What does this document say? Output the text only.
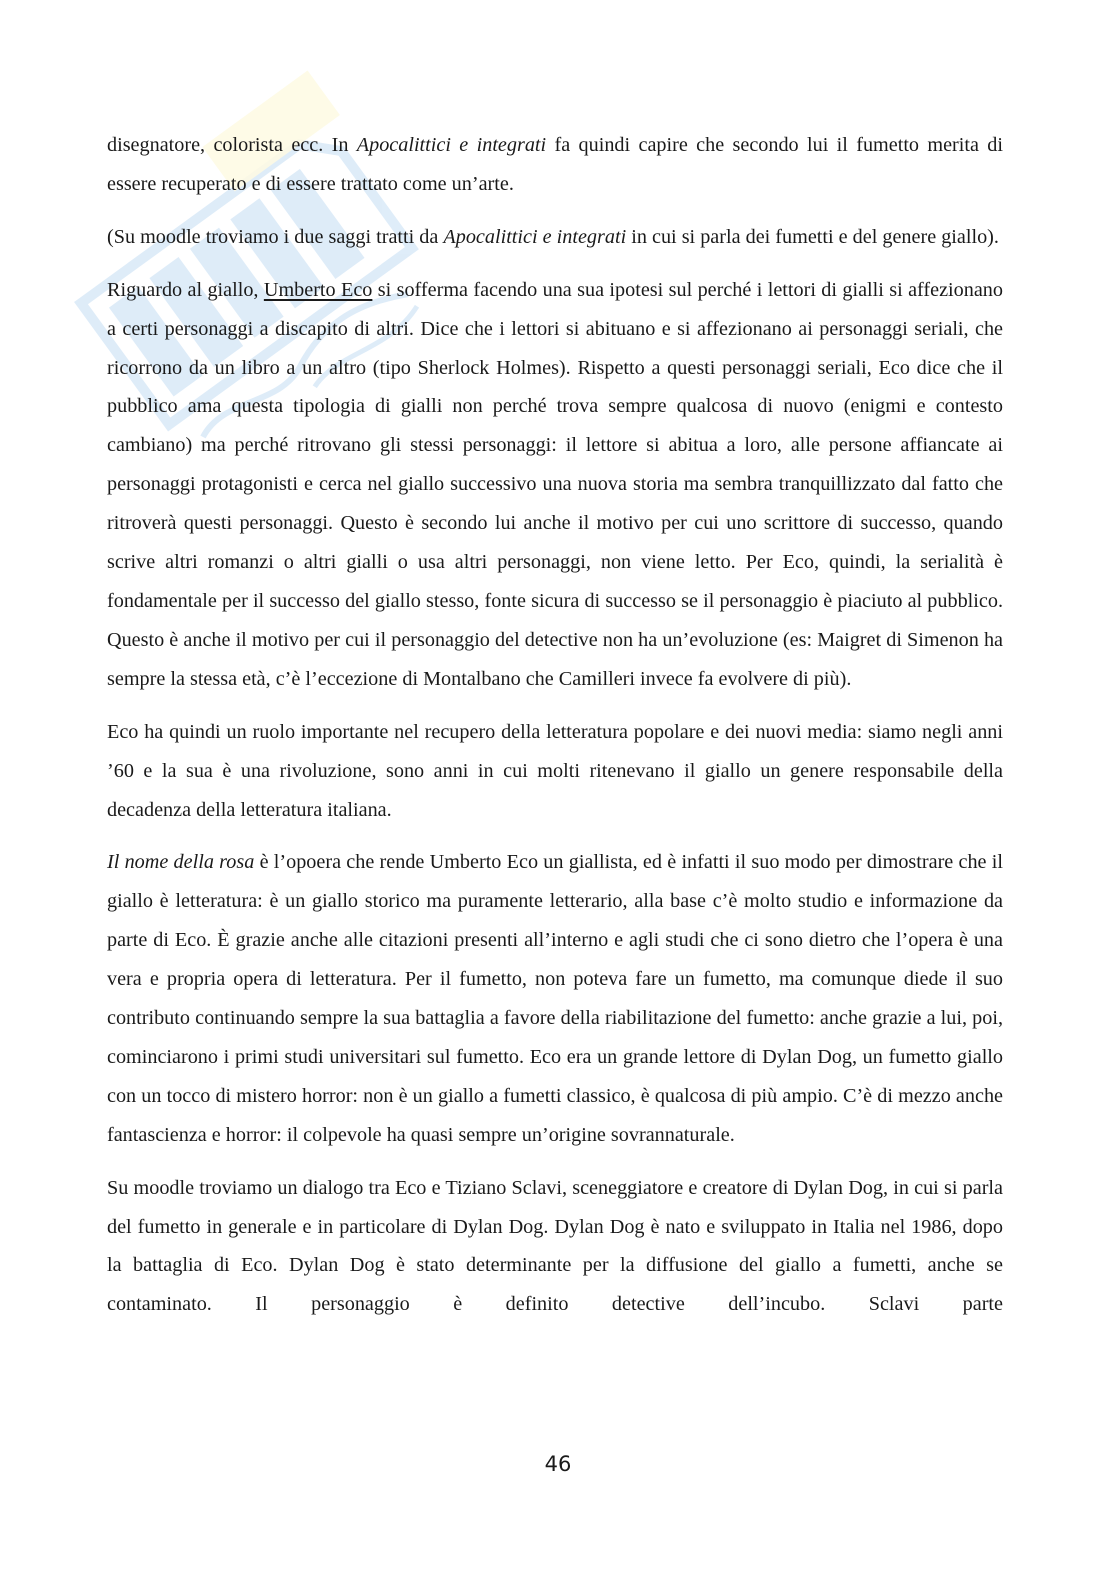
disegnatore, colorista ecc. In Apocalittici e integrati fa quindi capire che secondo lui il fumetto merita di essere recuperato e di essere trattato come un’arte.

(Su moodle troviamo i due saggi tratti da Apocalittici e integrati in cui si parla dei fumetti e del genere giallo).

Riguardo al giallo, Umberto Eco si sofferma facendo una sua ipotesi sul perché i lettori di gialli si affezionano a certi personaggi a discapito di altri. Dice che i lettori si abituano e si affezionano ai personaggi seriali, che ricorrono da un libro a un altro (tipo Sherlock Holmes). Rispetto a questi personaggi seriali, Eco dice che il pubblico ama questa tipologia di gialli non perché trova sempre qualcosa di nuovo (enigmi e contesto cambiano) ma perché ritrovano gli stessi personaggi: il lettore si abitua a loro, alle persone affiancate ai personaggi protagonisti e cerca nel giallo successivo una nuova storia ma sembra tranquillizzato dal fatto che ritroverà questi personaggi. Questo è secondo lui anche il motivo per cui uno scrittore di successo, quando scrive altri romanzi o altri gialli o usa altri personaggi, non viene letto. Per Eco, quindi, la serialità è fondamentale per il successo del giallo stesso, fonte sicura di successo se il personaggio è piaciuto al pubblico. Questo è anche il motivo per cui il personaggio del detective non ha un’evoluzione (es: Maigret di Simenon ha sempre la stessa età, c’è l’eccezione di Montalbano che Camilleri invece fa evolvere di più).

Eco ha quindi un ruolo importante nel recupero della letteratura popolare e dei nuovi media: siamo negli anni ’60 e la sua è una rivoluzione, sono anni in cui molti ritenevano il giallo un genere responsabile della decadenza della letteratura italiana.

Il nome della rosa è l’opoera che rende Umberto Eco un giallista, ed è infatti il suo modo per dimostrare che il giallo è letteratura: è un giallo storico ma puramente letterario, alla base c’è molto studio e informazione da parte di Eco. È grazie anche alle citazioni presenti all’interno e agli studi che ci sono dietro che l’opera è una vera e propria opera di letteratura. Per il fumetto, non poteva fare un fumetto, ma comunque diede il suo contributo continuando sempre la sua battaglia a favore della riabilitazione del fumetto: anche grazie a lui, poi, cominciarono i primi studi universitari sul fumetto. Eco era un grande lettore di Dylan Dog, un fumetto giallo con un tocco di mistero horror: non è un giallo a fumetti classico, è qualcosa di più ampio. C’è di mezzo anche fantascienza e horror: il colpevole ha quasi sempre un’origine sovrannaturale.

Su moodle troviamo un dialogo tra Eco e Tiziano Sclavi, sceneggiatore e creatore di Dylan Dog, in cui si parla del fumetto in generale e in particolare di Dylan Dog. Dylan Dog è nato e sviluppato in Italia nel 1986, dopo la battaglia di Eco. Dylan Dog è stato determinante per la diffusione del giallo a fumetti, anche se contaminato. Il personaggio è definito detective dell’incubo. Sclavi parte

46
